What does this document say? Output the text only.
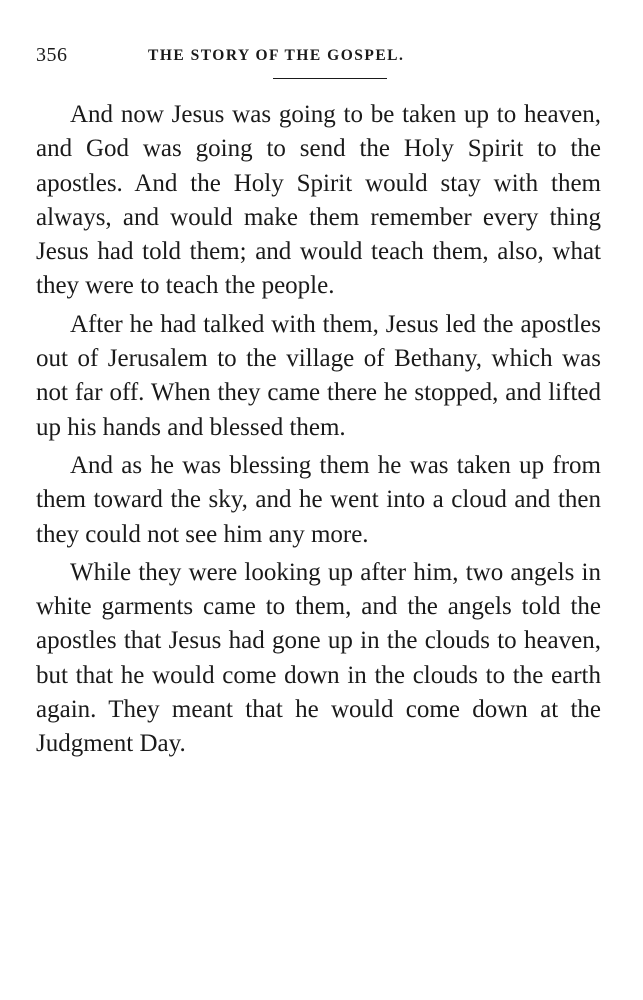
356	THE STORY OF THE GOSPEL.

And now Jesus was going to be taken up to heaven, and God was going to send the Holy Spirit to the apostles. And the Holy Spirit would stay with them always, and would make them remember every thing Jesus had told them; and would teach them, also, what they were to teach the people.

After he had talked with them, Jesus led the apostles out of Jerusalem to the village of Bethany, which was not far off. When they came there he stopped, and lifted up his hands and blessed them.

And as he was blessing them he was taken up from them toward the sky, and he went into a cloud and then they could not see him any more.

While they were looking up after him, two angels in white garments came to them, and the angels told the apostles that Jesus had gone up in the clouds to heaven, but that he would come down in the clouds to the earth again. They meant that he would come down at the Judgment Day.
